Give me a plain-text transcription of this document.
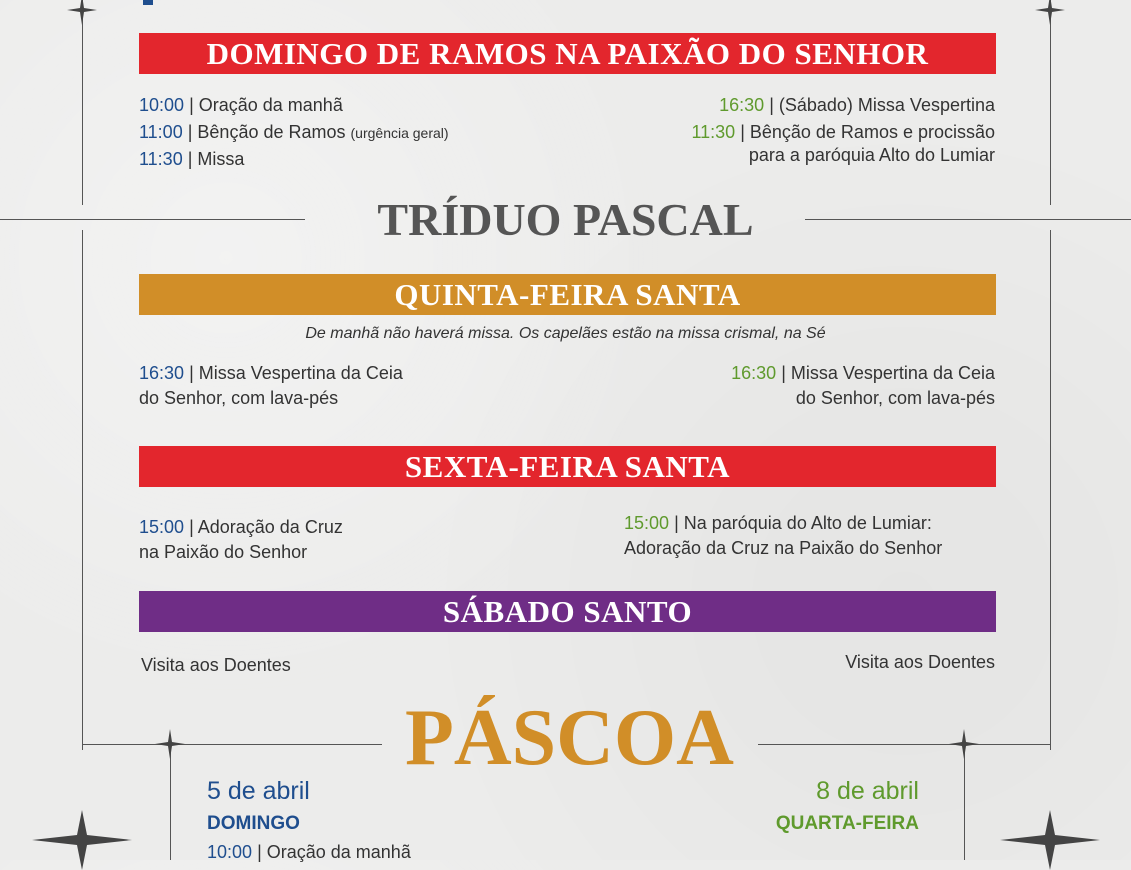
DOMINGO DE RAMOS NA PAIXÃO DO SENHOR
10:00 | Oração da manhã
11:00 | Bênção de Ramos (urgência geral)
11:30 | Missa
16:30 | (Sábado) Missa Vespertina
11:30 | Bênção de Ramos e procissão
para a paróquia Alto do Lumiar
TRÍDUO PASCAL
QUINTA-FEIRA SANTA
De manhã não haverá missa. Os capelães estão na missa crismal, na Sé
16:30 | Missa Vespertina da Ceia
do Senhor, com lava-pés
16:30 | Missa Vespertina da Ceia
do Senhor, com lava-pés
SEXTA-FEIRA SANTA
15:00 | Adoração da Cruz
na Paixão do Senhor
15:00 | Na paróquia do Alto de Lumiar:
Adoração da Cruz na Paixão do Senhor
SÁBADO SANTO
Visita aos Doentes	Visita aos Doentes
PÁSCOA
5 de abril
DOMINGO
10:00 | Oração da manhã
8 de abril
QUARTA-FEIRA
